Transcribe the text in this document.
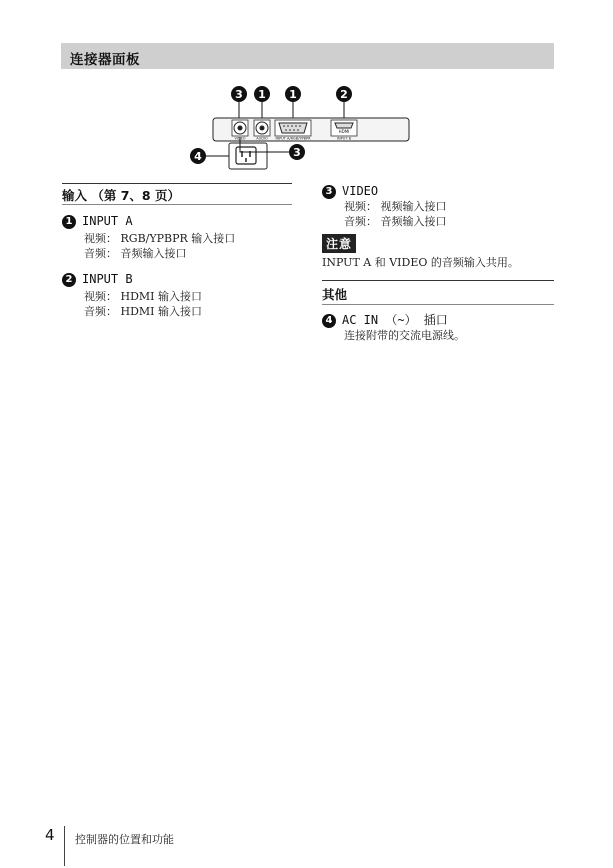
连接器面板
3 1 1	2
VIDEO	AUDIO INPUT A/RGB/YPBPR
HDMI
INPUT B
4	3
输入 （第 7、8 页）
1 INPUT A
视频： RGB/YPBPR 输入接口
音频： 音频输入接口
2 INPUT B
视频： HDMI 输入接口
音频： HDMI 输入接口
3 VIDEO
视频： 视频输入接口
音频： 音频输入接口
注意
INPUT A 和 VIDEO 的音频输入共用。
其他
4 AC IN （~） 插口
连接附带的交流电源线。
4 控制器的位置和功能
